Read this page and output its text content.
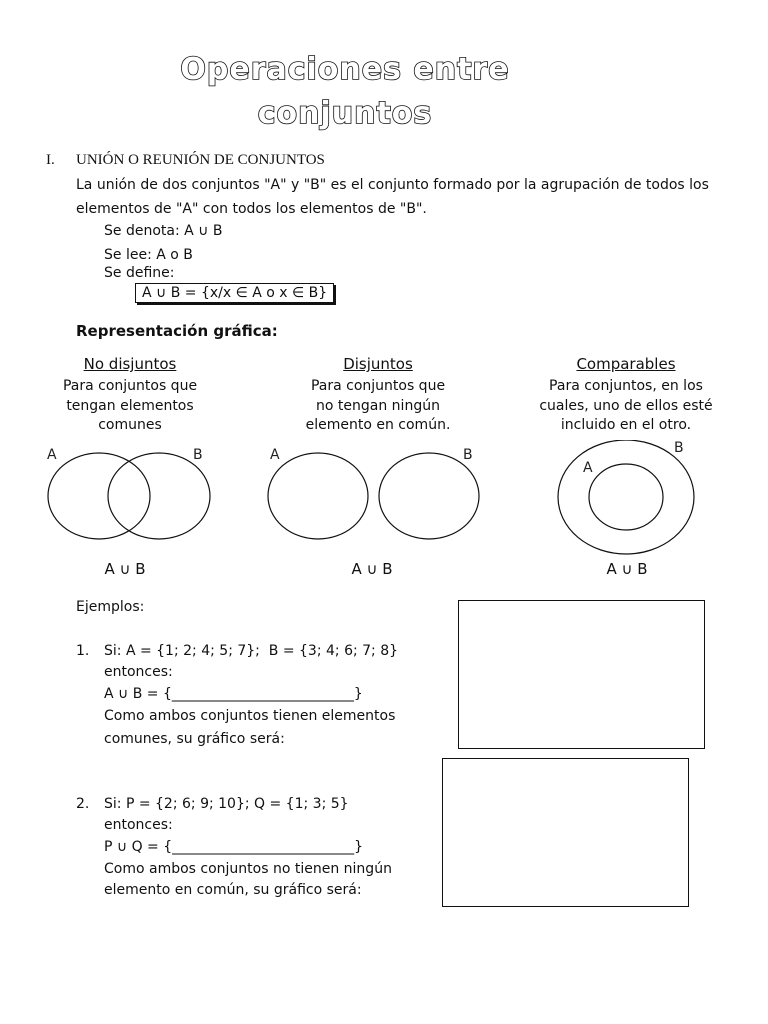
Operaciones entre
conjuntos
I. UNIÓN O REUNIÓN DE CONJUNTOS
La unión de dos conjuntos "A" y "B" es el conjunto formado por la agrupación de todos los
elementos de "A" con todos los elementos de "B".
Se denota: A ∪ B
Se lee: A o B
Se define:
A ∪ B = {x/x ∈ A o x ∈ B}
Representación gráfica:
No disjuntos
Para conjuntos que
tengan elementos
comunes
Disjuntos
Para conjuntos que
no tengan ningún
elemento en común.
Comparables
Para conjuntos, en los
cuales, uno de ellos esté
incluido en el otro.
A	B	A	B
A
B
A ∪ B	A ∪ B	A ∪ B
Ejemplos:
1. Si: A = {1; 2; 4; 5; 7};  B = {3; 4; 6; 7; 8}
entonces:
A ∪ B = {__________________________}
Como ambos conjuntos tienen elementos
comunes, su gráfico será:
2. Si: P = {2; 6; 9; 10}; Q = {1; 3; 5}
entonces:
P ∪ Q = {__________________________}
Como ambos conjuntos no tienen ningún
elemento en común, su gráfico será:
